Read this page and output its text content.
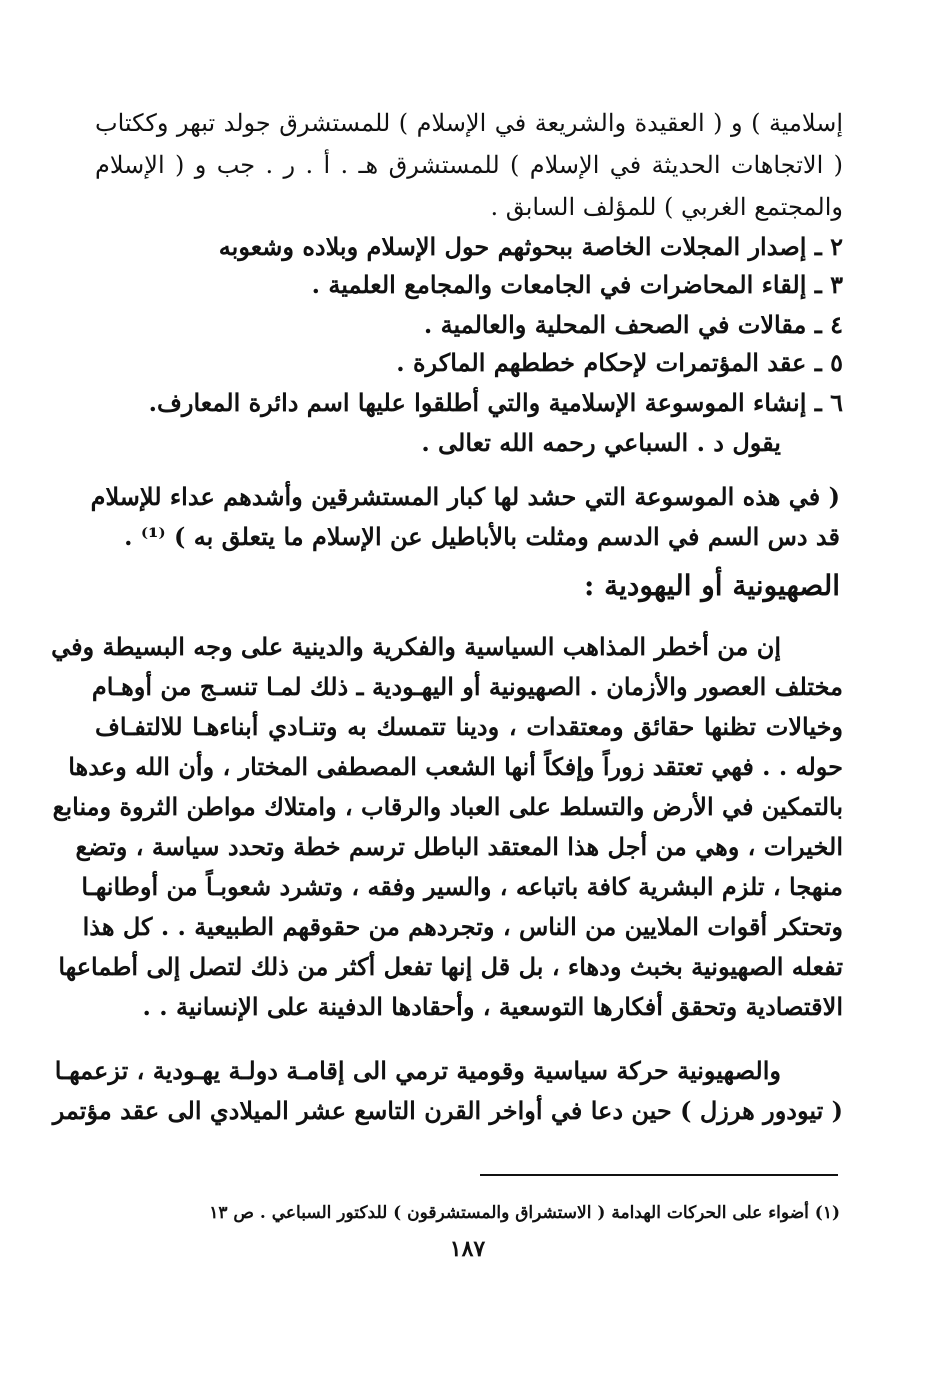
إسلامية ) و ( العقيدة والشريعة في الإسلام ) للمستشرق جولد تبهر وككتاب
( الاتجاهات الحديثة في الإسلام ) للمستشرق هـ . أ . ر . جب و ( الإسلام
والمجتمع الغربي ) للمؤلف السابق .
٢ ـ إصدار المجلات الخاصة ببحوثهم حول الإسلام وبلاده وشعوبه
٣ ـ إلقاء المحاضرات في الجامعات والمجامع العلمية .
٤ ـ مقالات في الصحف المحلية والعالمية .
٥ ـ عقد المؤتمرات لإحكام خططهم الماكرة .
٦ ـ إنشاء الموسوعة الإسلامية والتي أطلقوا عليها اسم دائرة المعارف.
يقول د . السباعي رحمه الله تعالى .
( في هذه الموسوعة التي حشد لها كبار المستشرقين وأشدهم عداء للإسلام
قد دس السم في الدسم ومثلت بالأباطيل عن الإسلام ما يتعلق به ) ⁽¹⁾ .
الصهيونية أو اليهودية :
إن من أخطر المذاهب السياسية والفكرية والدينية على وجه البسيطة وفي
مختلف العصور والأزمان . الصهيونية أو اليهـودية ـ ذلك لمـا تنسـج من أوهـام
وخيالات تظنها حقائق ومعتقدات ، ودينا تتمسك به وتنـادي أبناءهـا للالتفـاف
حوله . . فهي تعتقد زوراً وإفكاً أنها الشعب المصطفى المختار ، وأن الله وعدها
بالتمكين في الأرض والتسلط على العباد والرقاب ، وامتلاك مواطن الثروة ومنابع
الخيرات ، وهي من أجل هذا المعتقد الباطل ترسم خطة وتحدد سياسة ، وتضع
منهجا ، تلزم البشرية كافة باتباعه ، والسير وفقه ، وتشرد شعوبـاً من أوطانهـا
وتحتكر أقوات الملايين من الناس ، وتجردهم من حقوقهم الطبيعية . . كل هذا
تفعله الصهيونية بخبث ودهاء ، بل قل إنها تفعل أكثر من ذلك لتصل إلى أطماعها
الاقتصادية وتحقق أفكارها التوسعية ، وأحقادها الدفينة على الإنسانية . .
والصهيونية حركة سياسية وقومية ترمي الى إقامـة دولـة يهـودية ، تزعمهـا
( تيودور هرزل ) حين دعا في أواخر القرن التاسع عشر الميلادي الى عقد مؤتمر
(١) أضواء على الحركات الهدامة ( الاستشراق والمستشرقون ) للدكتور السباعي . ص ١٣
١٨٧
